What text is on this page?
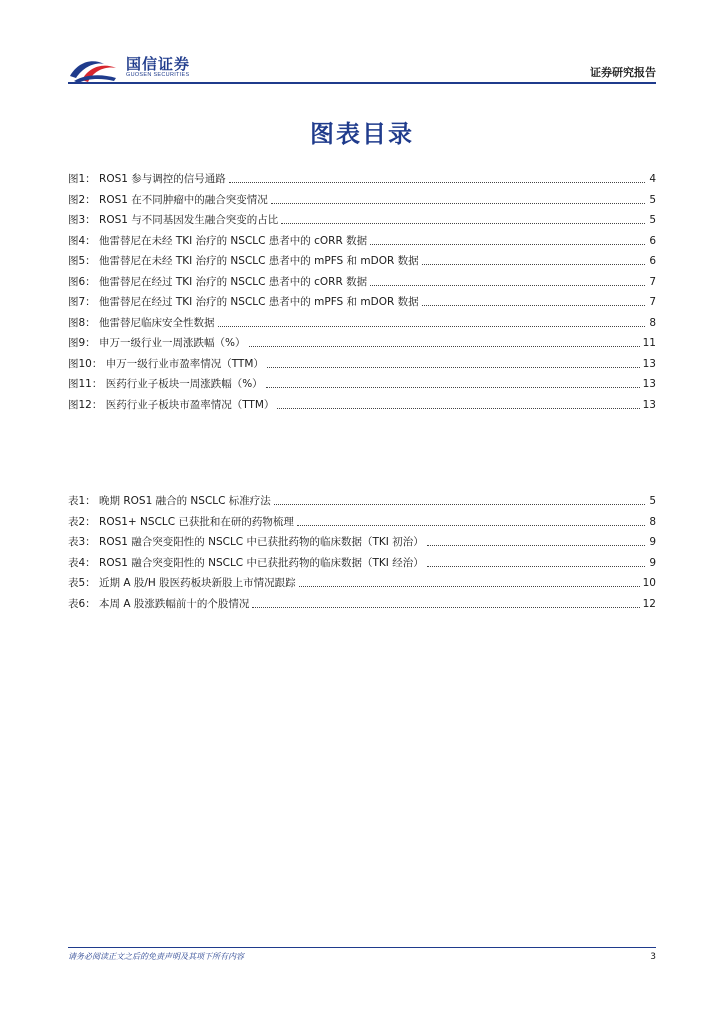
国信证券
GUOSEN SECURITIES	证券研究报告
图表目录
图1： ROS1 参与调控的信号通路	4
图2： ROS1 在不同肿瘤中的融合突变情况	5
图3： ROS1 与不同基因发生融合突变的占比	5
图4： 他雷替尼在未经 TKI 治疗的 NSCLC 患者中的 cORR 数据	6
图5： 他雷替尼在未经 TKI 治疗的 NSCLC 患者中的 mPFS 和 mDOR 数据	6
图6： 他雷替尼在经过 TKI 治疗的 NSCLC 患者中的 cORR 数据	7
图7： 他雷替尼在经过 TKI 治疗的 NSCLC 患者中的 mPFS 和 mDOR 数据	7
图8： 他雷替尼临床安全性数据	8
图9： 申万一级行业一周涨跌幅（%）	11
图10： 申万一级行业市盈率情况（TTM）	13
图11： 医药行业子板块一周涨跌幅（%）	13
图12： 医药行业子板块市盈率情况（TTM）	13
表1： 晚期 ROS1 融合的 NSCLC 标准疗法	5
表2： ROS1+ NSCLC 已获批和在研的药物梳理	8
表3： ROS1 融合突变阳性的 NSCLC 中已获批药物的临床数据（TKI 初治）	9
表4： ROS1 融合突变阳性的 NSCLC 中已获批药物的临床数据（TKI 经治）	9
表5： 近期 A 股/H 股医药板块新股上市情况跟踪	10
表6： 本周 A 股涨跌幅前十的个股情况	12
请务必阅读正文之后的免责声明及其项下所有内容	3
